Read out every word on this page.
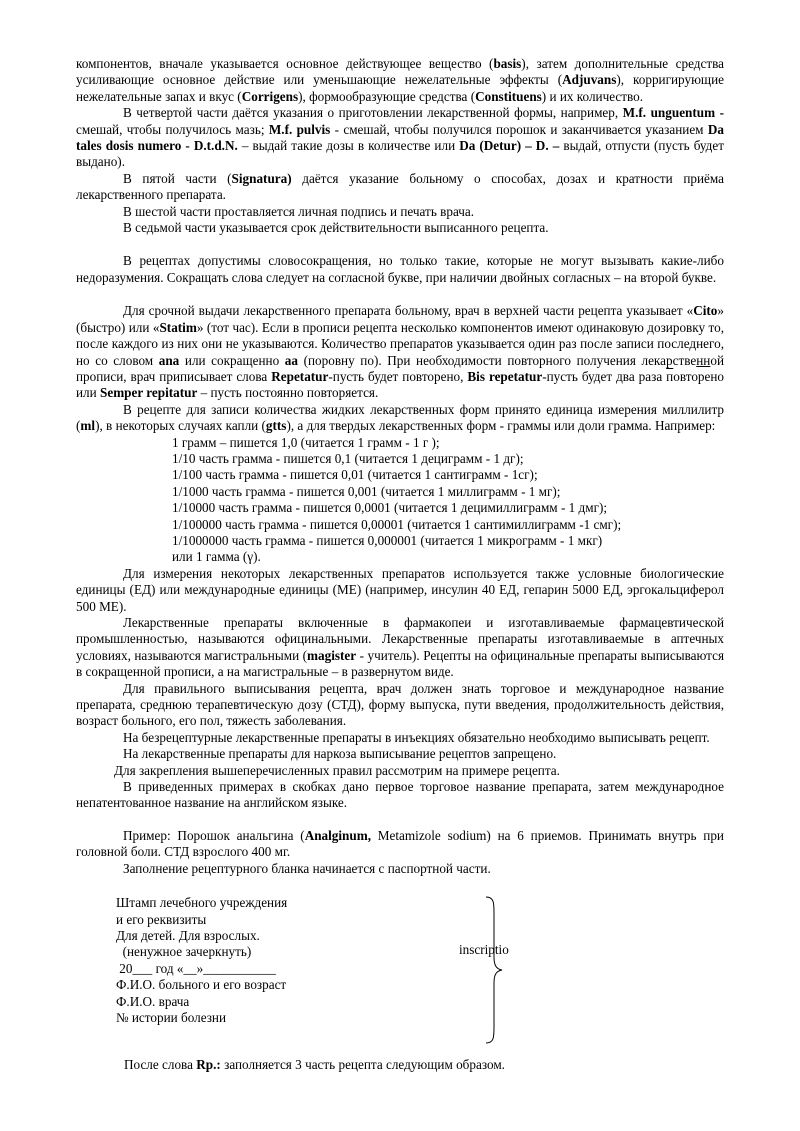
компонентов, вначале указывается основное действующее вещество (basis), затем дополнительные средства усиливающие основное действие или уменьшающие нежелательные эффекты (Adjuvans), корригирующие нежелательные запах и вкус (Corrigens), формообразующие средства (Constituens) и их количество.

В четвертой части даётся указания о приготовлении лекарственной формы, например, M.f. unguentum - смешай, чтобы получилось мазь; M.f. pulvis - смешай, чтобы получился порошок и заканчивается указанием Da tales dosis numero - D.t.d.N. – выдай такие дозы в количестве или Da (Detur) – D. – выдай, отпусти (пусть будет выдано).

В пятой части (Signatura) даётся указание больному о способах, дозах и кратности приёма лекарственного препарата.

В шестой части проставляется личная подпись и печать врача.

В седьмой части указывается срок действительности выписанного рецепта.

В рецептах допустимы словосокращения, но только такие, которые не могут вызывать какие-либо недоразумения. Сокращать слова следует на согласной букве, при наличии двойных согласных – на второй букве.

Для срочной выдачи лекарственного препарата больному, врач в верхней части рецепта указывает «Cito» (быстро) или «Statim» (тот час). Если в прописи рецепта несколько компонентов имеют одинаковую дозировку то, после каждого из них они не указываются. Количество препаратов указывается один раз после записи последнего, но со словом ana или сокращенно aa (поровну по). При необходимости повторного получения лекарственной прописи, врач приписывает слова Repetatur-пусть будет повторено, Bis repetatur-пусть будет два раза повторено или Semper repitatur – пусть постоянно повторяется.

В рецепте для записи количества жидких лекарственных форм принято единица измерения миллилитр (ml), в некоторых случаях капли (gtts), а для твердых лекарственных форм - граммы или доли грамма. Например:

1 грамм – пишется 1,0 (читается 1 грамм - 1 г );
1/10 часть грамма - пишется 0,1 (читается 1 дециграмм - 1 дг);
1/100 часть грамма - пишется 0,01 (читается 1 сантиграмм - 1сг);
1/1000 часть грамма - пишется 0,001 (читается 1 миллиграмм - 1 мг);
1/10000 часть грамма - пишется 0,0001 (читается 1 децимиллиграмм - 1 дмг);
1/100000 часть грамма - пишется 0,00001 (читается 1 сантимиллиграмм -1 смг);
1/1000000 часть грамма - пишется 0,000001 (читается 1 микрограмм - 1 мкг)
или 1 гамма (γ).

Для измерения некоторых лекарственных препаратов используется также условные биологические единицы (ЕД) или международные единицы (МЕ) (например, инсулин 40 ЕД, гепарин 5000 ЕД, эргокальциферол 500 МЕ).

Лекарственные препараты включенные в фармакопеи и изготавливаемые фармацевтической промышленностью, называются официнальными. Лекарственные препараты изготавливаемые в аптечных условиях, называются магистральными (magister - учитель). Рецепты на официнальные препараты выписываются в сокращенной прописи, а на магистральные – в развернутом виде.

Для правильного выписывания рецепта, врач должен знать торговое и международное название препарата, среднюю терапевтическую дозу (СТД), форму выпуска, пути введения, продолжительность действия, возраст больного, его пол, тяжесть заболевания.

На безрецептурные лекарственные препараты в инъекциях обязательно необходимо выписывать рецепт.

На лекарственные препараты для наркоза выписывание рецептов запрещено.

Для закрепления вышеперечисленных правил рассмотрим на примере рецепта.

В приведенных примерах в скобках дано первое торговое название препарата, затем международное непатентованное название на английском языке.

Пример: Порошок анальгина (Analginum, Metamizole sodium) на 6 приемов. Принимать внутрь при головной боли. СТД взрослого 400 мг.

Заполнение рецептурного бланка начинается с паспортной части.

Штамп лечебного учреждения
и его реквизиты
Для детей. Для взрослых.
(ненужное зачеркнуть)
20___ год «__»___________
Ф.И.О. больного и его возраст
Ф.И.О. врача
№ истории болезни
inscriptio

После слова Rp.: заполняется 3 часть рецепта следующим образом.
